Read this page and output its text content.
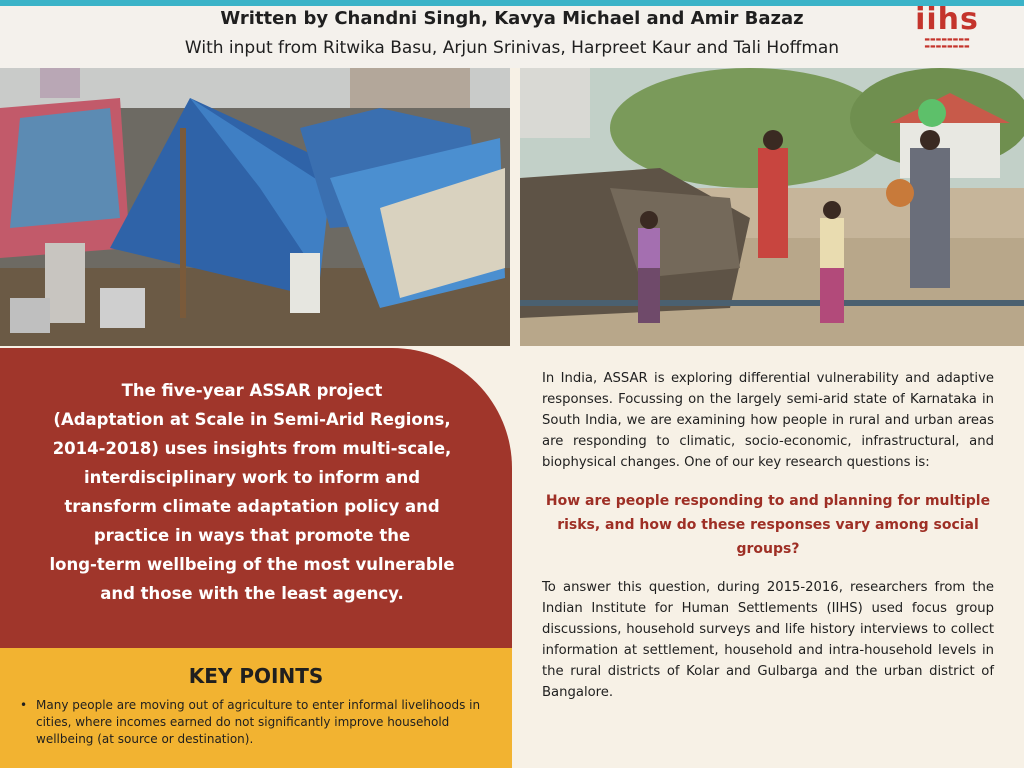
Written by Chandni Singh, Kavya Michael and Amir Bazaz
With input from Ritwika Basu, Arjun Srinivas, Harpreet Kaur and Tali Hoffman
iihs
▬▬▬▬▬▬▬▬
▬▬▬▬▬▬▬▬
The five-year ASSAR project
(Adaptation at Scale in Semi-Arid Regions,
2014-2018) uses insights from multi-scale,
interdisciplinary work to inform and
transform climate adaptation policy and
practice in ways that promote the
long-term wellbeing of the most vulnerable
and those with the least agency.
KEY POINTS
• Many people are moving out of agriculture to enter informal livelihoods in cities, where incomes earned do not significantly improve household wellbeing (at source or destination).

In India, ASSAR is exploring differential vulnerability and adaptive responses. Focussing on the largely semi-arid state of Karnataka in South India, we are examining how people in rural and urban areas are responding to climatic, socio-economic, infrastructural, and biophysical changes. One of our key research questions is:

How are people responding to and planning for multiple risks, and how do these responses vary among social groups?

To answer this question, during 2015-2016, researchers from the Indian Institute for Human Settlements (IIHS) used focus group discussions, household surveys and life history interviews to collect information at settlement, household and intra-household levels in the rural districts of Kolar and Gulbarga and the urban district of Bangalore.
